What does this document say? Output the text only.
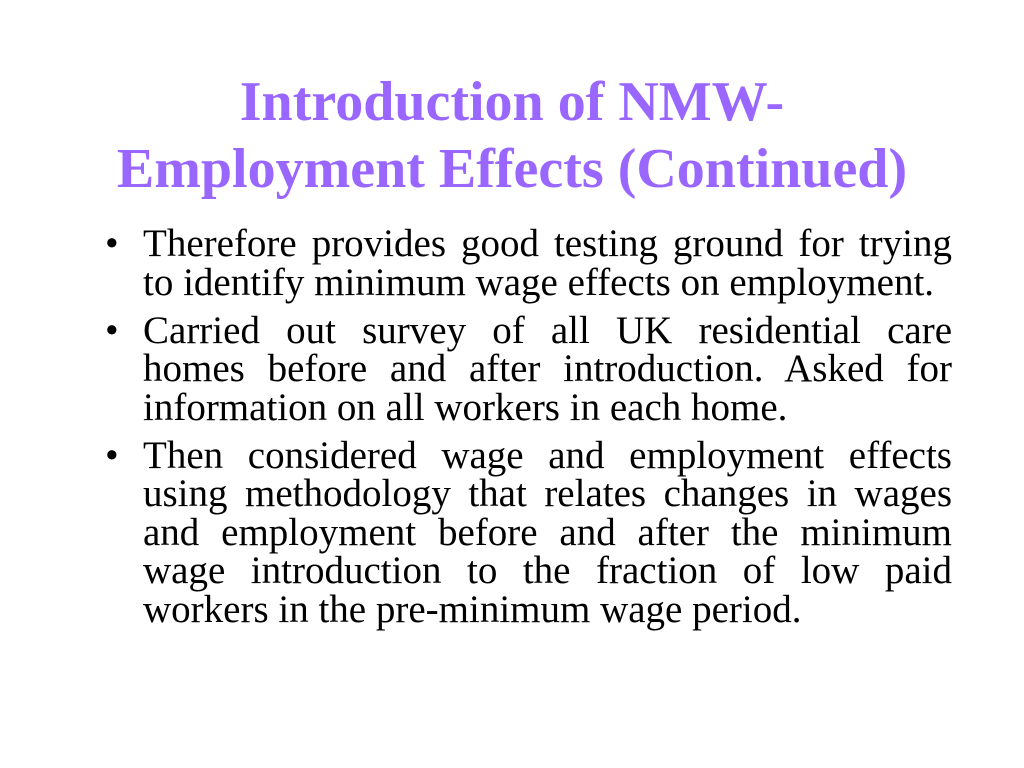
Introduction of NMW-
Employment Effects (Continued)
• Therefore provides good testing ground for trying
to identify minimum wage effects on employment.
• Carried out survey of all UK residential care
homes before and after introduction. Asked for
information on all workers in each home.
• Then considered wage and employment effects
using methodology that relates changes in wages
and employment before and after the minimum
wage introduction to the fraction of low paid
workers in the pre-minimum wage period.
